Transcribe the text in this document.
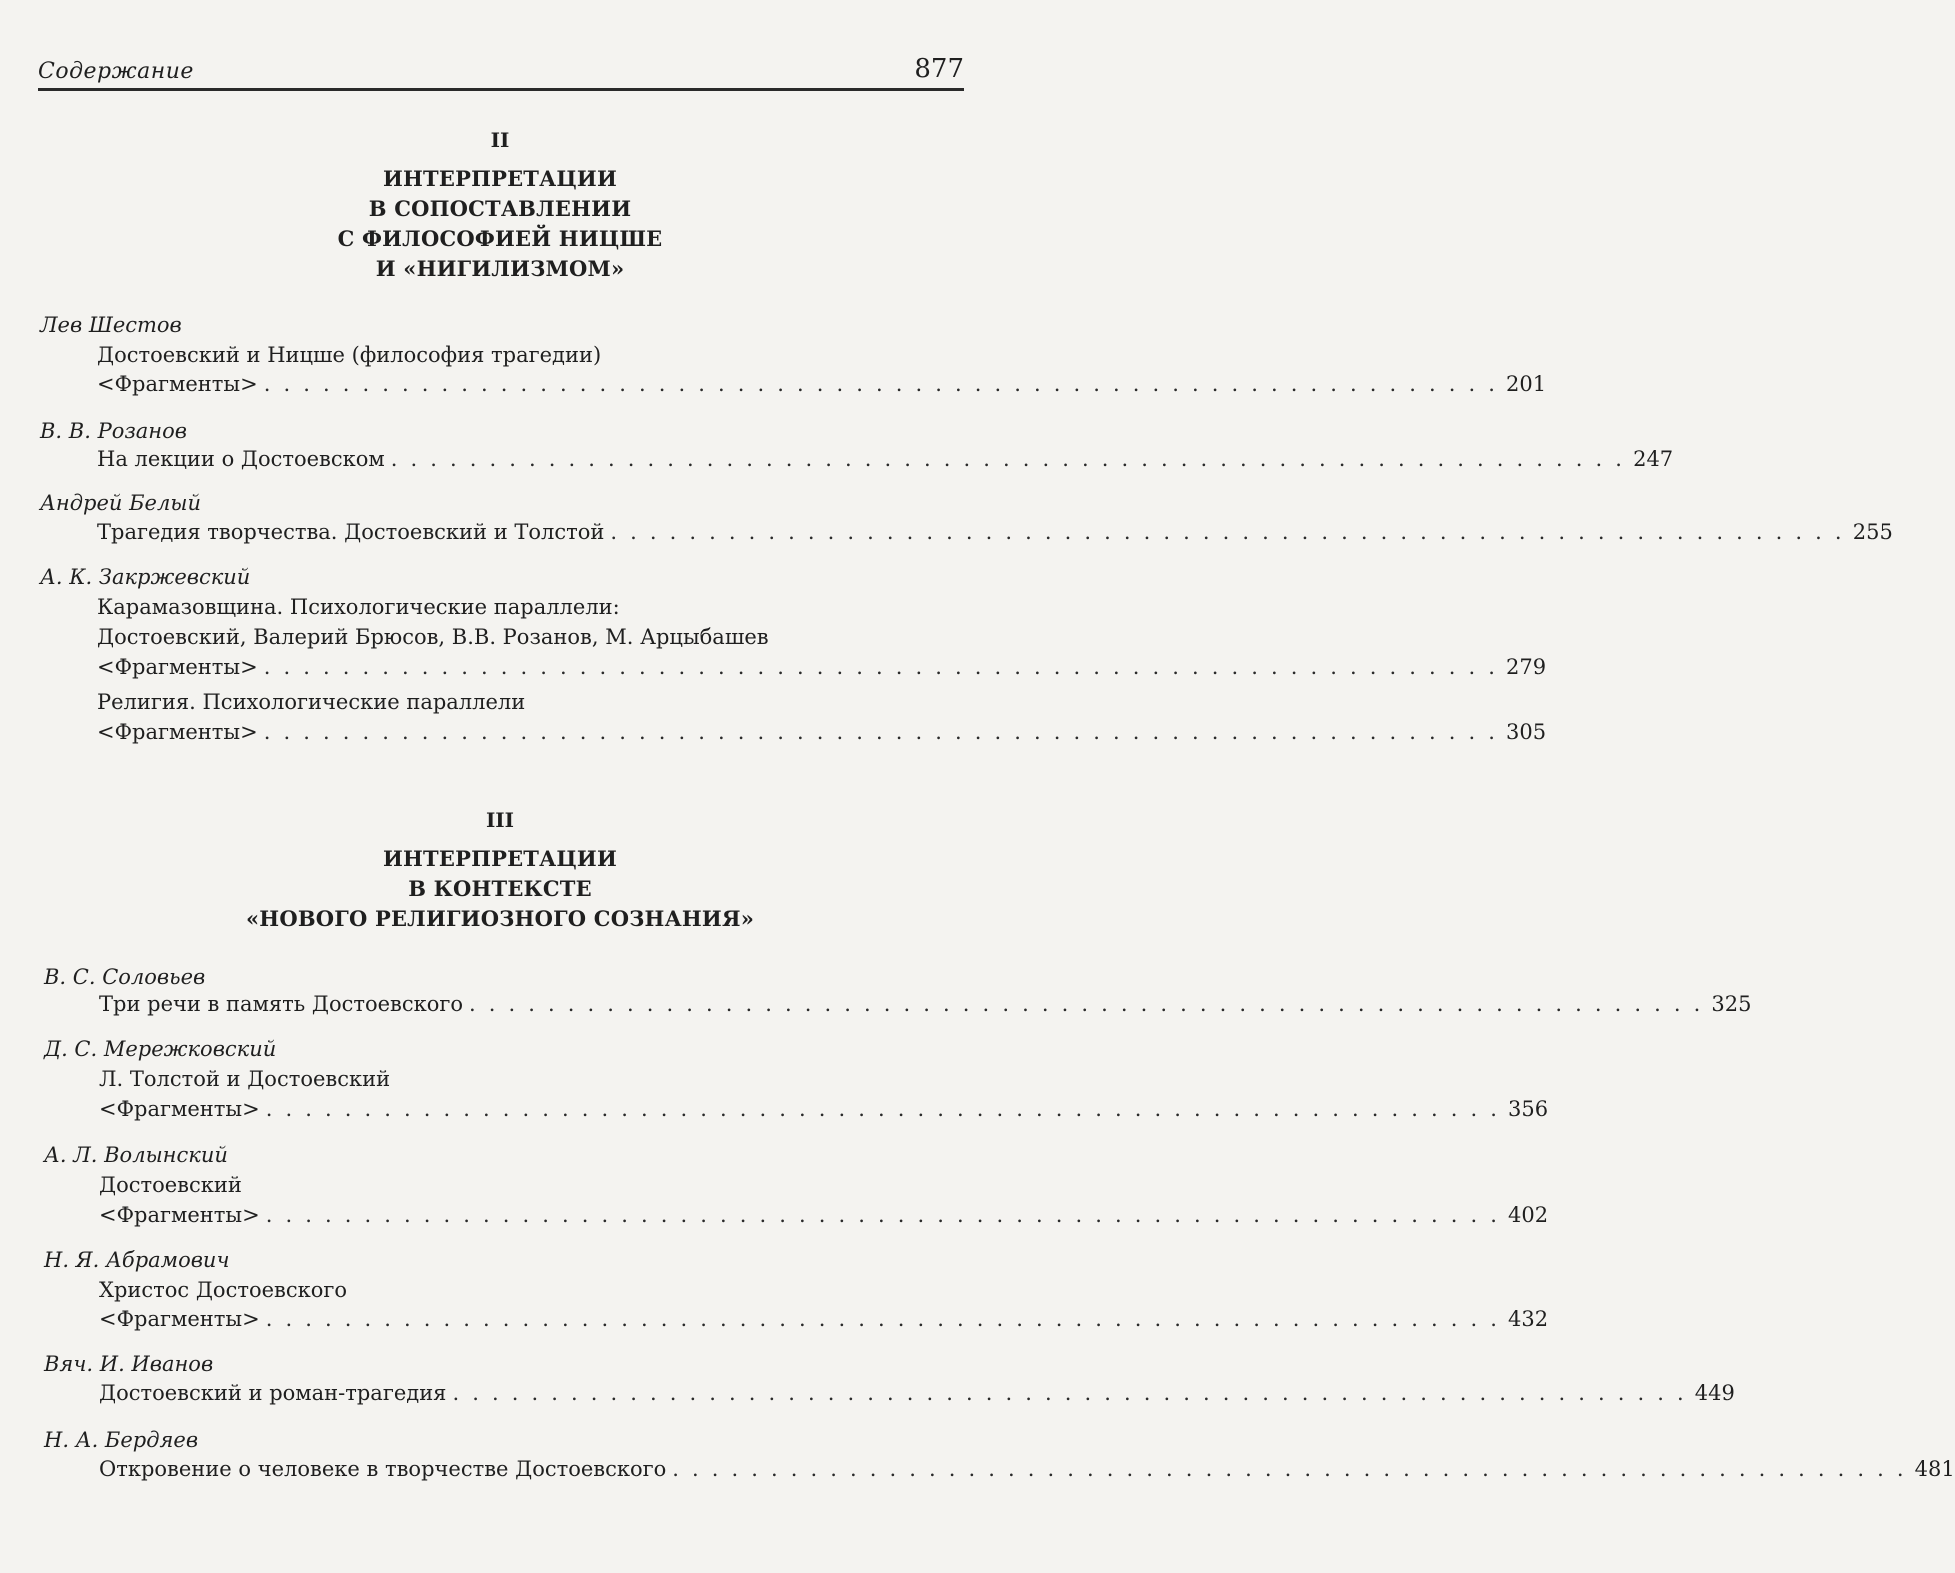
Содержание	877
II
ИНТЕРПРЕТАЦИИ
В СОПОСТАВЛЕНИИ
С ФИЛОСОФИЕЙ НИЦШЕ
И «НИГИЛИЗМОМ»
Лев Шестов
Достоевский и Ницше (философия трагедии)
<Фрагменты> . . . . . . . . . . . . . . . . . . . . . . . . . . . . . . . . . . . . . . . . . . . . . . . . . . . . . . . . . . . . . . . 201
В. В. Розанов
На лекции о Достоевском . . . . . . . . . . . . . . . . . . . . . . . . . . . . . . . . . . . . . . . . . . . . . . . . . . . . . . . . . . . . . . . 247
Андрей Белый
Трагедия творчества. Достоевский и Толстой . . . . . . . . . . . . . . . . . . . . . . . . . . . . . . . . . . . . . . . . . . . . . . . . . . . . . . . . . . . . . . . 255
А. К. Закржевский
Карамазовщина. Психологические параллели:
Достоевский, Валерий Брюсов, В.В. Розанов, М. Арцыбашев
<Фрагменты> . . . . . . . . . . . . . . . . . . . . . . . . . . . . . . . . . . . . . . . . . . . . . . . . . . . . . . . . . . . . . . . 279
Религия. Психологические параллели
<Фрагменты> . . . . . . . . . . . . . . . . . . . . . . . . . . . . . . . . . . . . . . . . . . . . . . . . . . . . . . . . . . . . . . . 305
III
ИНТЕРПРЕТАЦИИ
В КОНТЕКСТЕ
«НОВОГО РЕЛИГИОЗНОГО СОЗНАНИЯ»
В. С. Соловьев
Три речи в память Достоевского . . . . . . . . . . . . . . . . . . . . . . . . . . . . . . . . . . . . . . . . . . . . . . . . . . . . . . . . . . . . . . . 325
Д. С. Мережковский
Л. Толстой и Достоевский
<Фрагменты> . . . . . . . . . . . . . . . . . . . . . . . . . . . . . . . . . . . . . . . . . . . . . . . . . . . . . . . . . . . . . . . 356
А. Л. Волынский
Достоевский
<Фрагменты> . . . . . . . . . . . . . . . . . . . . . . . . . . . . . . . . . . . . . . . . . . . . . . . . . . . . . . . . . . . . . . . 402
Н. Я. Абрамович
Христос Достоевского
<Фрагменты> . . . . . . . . . . . . . . . . . . . . . . . . . . . . . . . . . . . . . . . . . . . . . . . . . . . . . . . . . . . . . . . 432
Вяч. И. Иванов
Достоевский и роман-трагедия . . . . . . . . . . . . . . . . . . . . . . . . . . . . . . . . . . . . . . . . . . . . . . . . . . . . . . . . . . . . . . . 449
Н. А. Бердяев
Откровение о человеке в творчестве Достоевского . . . . . . . . . . . . . . . . . . . . . . . . . . . . . . . . . . . . . . . . . . . . . . . . . . . . . . . . . . . . . . . 481
